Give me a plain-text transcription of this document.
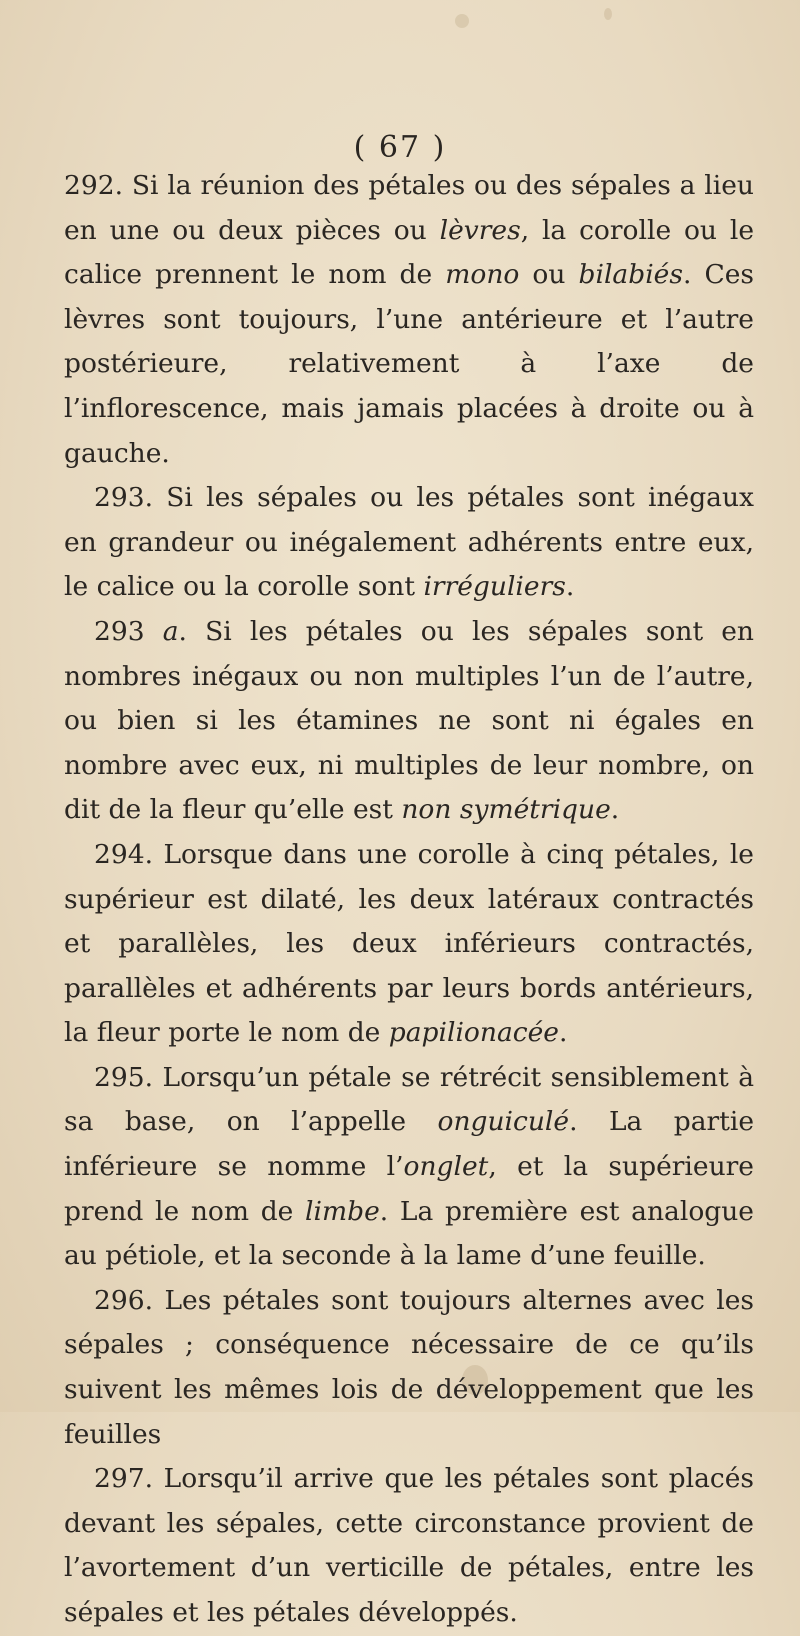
( 67 )

292. Si la réunion des pétales ou des sépales a lieu en une ou deux pièces ou lèvres, la corolle ou le calice prennent le nom de mono ou bilabiés. Ces lèvres sont toujours, l’une antérieure et l’autre postérieure, relativement à l’axe de l’inflorescence, mais jamais placées à droite ou à gauche.

293. Si les sépales ou les pétales sont inégaux en grandeur ou inégalement adhérents entre eux, le calice ou la corolle sont irréguliers.

293 a. Si les pétales ou les sépales sont en nombres inégaux ou non multiples l’un de l’autre, ou bien si les étamines ne sont ni égales en nombre avec eux, ni multiples de leur nombre, on dit de la fleur qu’elle est non symétrique.

294. Lorsque dans une corolle à cinq pétales, le supérieur est dilaté, les deux latéraux contractés et parallèles, les deux inférieurs contractés, parallèles et adhérents par leurs bords antérieurs, la fleur porte le nom de papilionacée.

295. Lorsqu’un pétale se rétrécit sensiblement à sa base, on l’appelle onguiculé. La partie inférieure se nomme l’onglet, et la supérieure prend le nom de limbe. La première est analogue au pétiole, et la seconde à la lame d’une feuille.

296. Les pétales sont toujours alternes avec les sépales ; conséquence nécessaire de ce qu’ils suivent les mêmes lois de développement que les feuilles

297. Lorsqu’il arrive que les pétales sont placés devant les sépales, cette circonstance provient de l’avortement d’un verticille de pétales, entre les sépales et les pétales développés.
